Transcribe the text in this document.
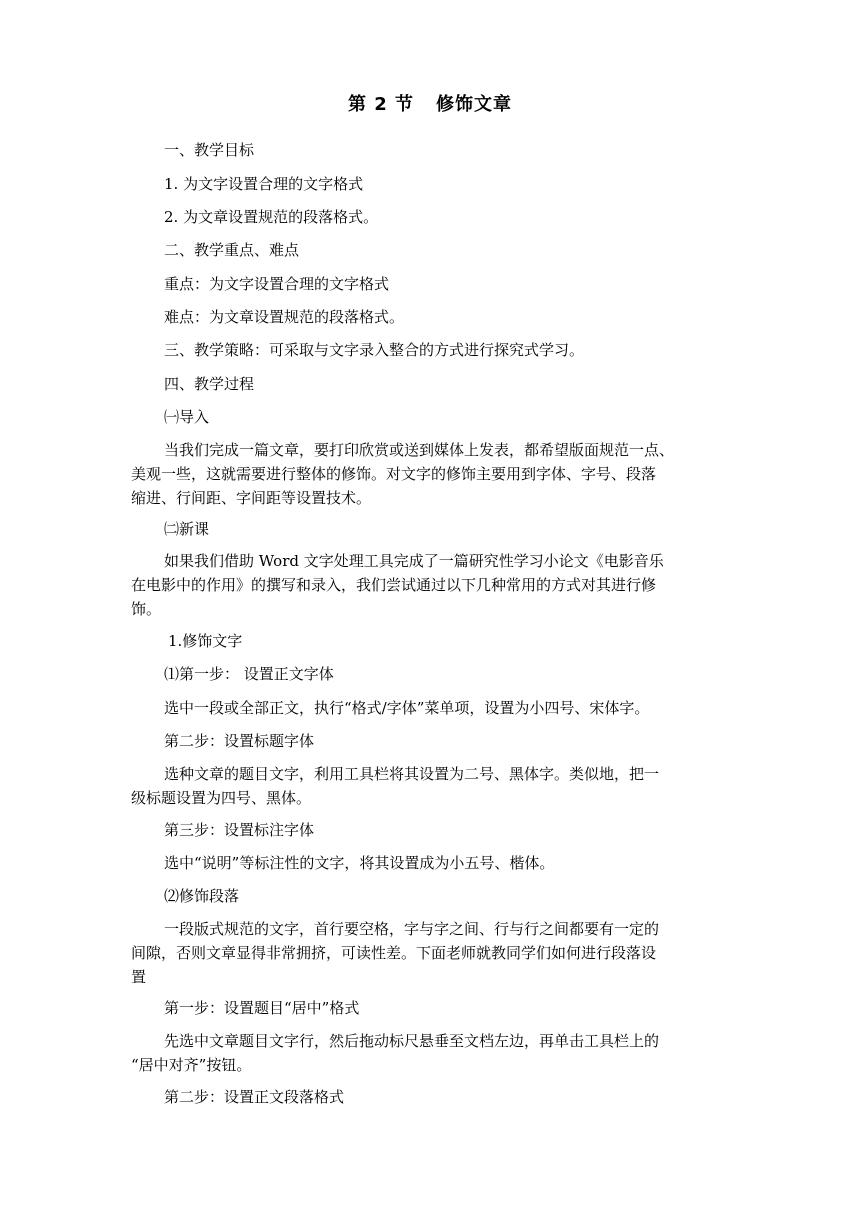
第 2 节 修饰文章
一、教学目标
1. 为文字设置合理的文字格式
2. 为文章设置规范的段落格式。
二、教学重点、难点
重点：为文字设置合理的文字格式
难点：为文章设置规范的段落格式。
三、教学策略：可采取与文字录入整合的方式进行探究式学习。
四、教学过程
㈠导入
当我们完成一篇文章，要打印欣赏或送到媒体上发表，都希望版面规范一点、
美观一些，这就需要进行整体的修饰。对文字的修饰主要用到字体、字号、段落
缩进、行间距、字间距等设置技术。
㈡新课
如果我们借助 Word 文字处理工具完成了一篇研究性学习小论文《电影音乐
在电影中的作用》的撰写和录入，我们尝试通过以下几种常用的方式对其进行修
饰。
1.修饰文字
⑴第一步： 设置正文字体
选中一段或全部正文，执行“格式/字体”菜单项，设置为小四号、宋体字。
第二步：设置标题字体
选种文章的题目文字，利用工具栏将其设置为二号、黑体字。类似地，把一
级标题设置为四号、黑体。
第三步：设置标注字体
选中“说明”等标注性的文字，将其设置成为小五号、楷体。
⑵修饰段落
一段版式规范的文字，首行要空格，字与字之间、行与行之间都要有一定的
间隙，否则文章显得非常拥挤，可读性差。下面老师就教同学们如何进行段落设
置
第一步：设置题目“居中”格式
先选中文章题目文字行，然后拖动标尺悬垂至文档左边，再单击工具栏上的
“居中对齐”按钮。
第二步：设置正文段落格式
